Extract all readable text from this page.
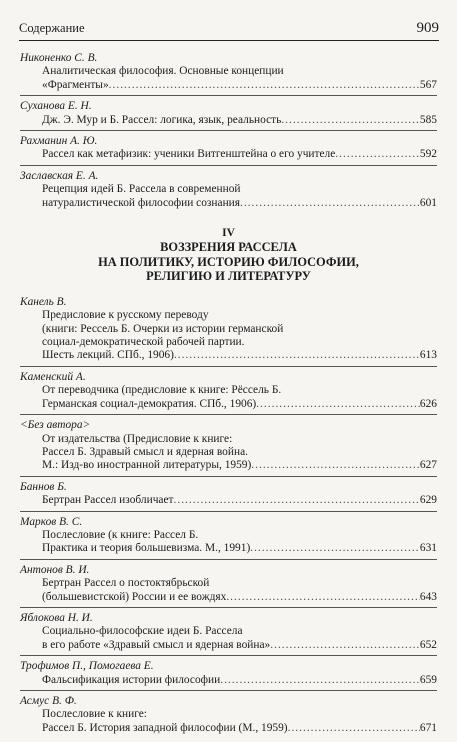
Содержание	909
Никоненко С. В.
Аналитическая философия. Основные концепции
«Фрагменты» .....	567
Суханова Е. Н.
Дж. Э. Мур и Б. Рассел: логика, язык, реальность .....	585
Рахманин А. Ю.
Рассел как метафизик: ученики Витгенштейна о его учителе .....	592
Заславская Е. А.
Рецепция идей Б. Рассела в современной
натуралистической философии сознания .....	601
IV
ВОЗЗРЕНИЯ РАССЕЛА
НА ПОЛИТИКУ, ИСТОРИЮ ФИЛОСОФИИ,
РЕЛИГИЮ И ЛИТЕРАТУРУ
Канель В.
Предисловие к русскому переводу
(книги: Рессель Б. Очерки из истории германской
социал-демократической рабочей партии.
Шесть лекций. СПб., 1906) .....	613
Каменский А.
От переводчика (предисловие к книге: Рёссель Б.
Германская социал-демократия. СПб., 1906) .....	626
<Без автора>
От издательства (Предисловие к книге:
Рассел Б. Здравый смысл и ядерная война.
М.: Изд-во иностранной литературы, 1959) .....	627
Баннов Б.
Бертран Рассел изобличает .....	629
Марков В. С.
Послесловие (к книге: Рассел Б.
Практика и теория большевизма. М., 1991) .....	631
Антонов В. И.
Бертран Рассел о постоктябрьской
(большевистской) России и ее вождях .....	643
Яблокова Н. И.
Социально-философские идеи Б. Рассела
в его работе «Здравый смысл и ядерная война» .....	652
Трофимов П., Помогаева Е.
Фальсификация истории философии .....	659
Асмус В. Ф.
Послесловие к книге:
Рассел Б. История западной философии (М., 1959) .....	671
